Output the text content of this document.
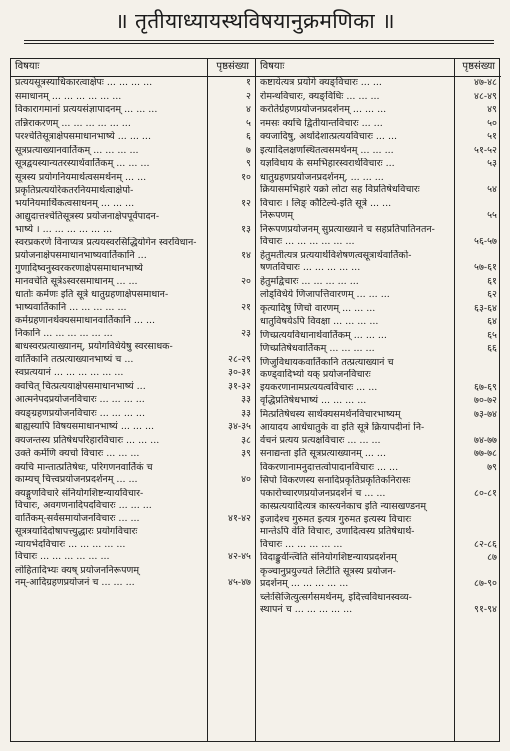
॥ तृतीयाध्यायस्थविषयानुक्रमणिका ॥
विषयाः	पृष्ठसंख्या
प्रत्ययसूत्रस्याधिकारत्वाक्षेपः ... ... ... ...	१
समाधानम् ... ... ... ... ... ...	२
विकारागमानां प्रत्ययसंज्ञापादनम् ... ... ...	४
तन्निराकरणम् ... ... ... ... ... ...	५
परश्चेतिसूत्राक्षेपसमाधानभाष्ये ... ... ...	६
सूत्रप्रत्याख्यानवार्तिकम् ... ... ... ...	७
सूत्रद्वयस्यान्यतरस्यार्थवार्तिकम् ... ... ...	९
सूत्रस्य प्रयोगनियमार्थत्वसमर्थनम् ... ...	१०
प्रकृतिप्रत्ययोरेकतरनियमार्थत्वाक्षेपो-
भयनियमार्थिकत्वसाधनम् ... ... ...	१२
आद्युदात्तश्चेतिसूत्रस्य प्रयोजनाक्षेपपूर्वपादन-
भाष्ये । ... ... ... ... ... ...	१३
स्वरप्रकरणे विनाप्यत्र प्रत्ययस्वरसिद्धियोगेन स्वरविधान-
प्रयोजनाक्षेपसमाधानभाष्यवार्तिकानि ...	१४
गुणादिष्वनुस्वरकरणाक्षेपसमाधानभाष्ये
मानवचेति सूत्रेऽस्वरसमाधानम् ... ...	२०
धातोः कर्मणः इति सूत्रे धातुग्रहणाक्षेपसमाधान-
भाष्यवार्तिकानि ... ... ... ... ...	२१
कर्मग्रहणानर्थक्यसमाधानवार्तिकानि ... ...
निकानि ... ... ... ... ... ...	२३
बाधस्वरप्रत्याख्यानम्, प्रयोगविधेयेषु स्वरसाधक-
वार्तिकानि तत्प्रत्याख्यानभाष्यं च ...	२८-२९
स्वप्रत्ययानं ... ... ... ... ... ...	३०-३१
क्वचित् चित्प्रत्ययाक्षेपसमाधानभाष्यं ...	३१-३२
आत्मनेपदप्रयोजनविचारः ... ... ... ...	३३
क्यङ्ग्रहणप्रयोजनविचारः ... ... ... ...	३३
बाह्यस्यापि विषयसमाधानभाष्यं ... ... ...	३४-३५
क्यजन्तस्य प्रतिषेधपरिहारविचारः ... ... ...	३८
उक्ते कर्मणि क्यचो विचारः ... ... ...	३९
क्यचि मान्तात्प्रतिषेधः, परिगणनवार्तिकं च
काम्यच् चित्त्वप्रयोजनप्रदर्शनम् ... ...	४०
क्यङ्गुणविचारे संनियोगशिष्टन्यायविचार-
विचारः, अवगणनादिपदविचारः ... ... ...
वार्तिकम्-सर्वसमायोजनविचारः ... ...	४१-४२
सूत्रत्रयादिदोषापत्त्युद्धारः प्रयोगविचारः
न्यायभेदविचारः ... ... ... ... ...
विचारः ... ... ... ... ... ...	४२-४५
लोहितादिभ्यः क्यष् प्रयोजननिरूपणम्
नम्-आदिग्रहणप्रयोजनं च ... ... ...	४५-४७
विषयाः	पृष्ठसंख्या
कष्टायेत्यत्र प्रयोगे क्यङ्विचारः ... ...	४७-४८
रोमन्थविचारः, क्यङ्विधिः ... ... ...	४८-४९
करोतेर्ग्रहणप्रयोजनप्रदर्शनम् ... ... ...	४९
नमसः क्यचि द्वितीयान्तविचारः ... ...	५०
क्यजादिषु, अर्थादेशात्प्रत्ययविचारः ... ...	५१
इत्यादिलक्षणस्थितत्वसमर्थनम् ... ... ...	५१-५२
यज्ञविधाय के समभिहारस्वरार्थविचारः ...	५३
धातुग्रहणप्रयोजनप्रदर्शनम्, ... ... ...
क्रियासमभिहारे यक्रो लोटा सह विप्रतिषेधविचारः	५४
विचारः । लिङ् कौटिल्ये-इति सूत्रे ... ...
निरूपणम्	५५
निरूपणप्रयोजनम् सुप्रत्याख्याने च सहप्रतिपातिनतन-
विचारः ... ... ... ... ... ...	५६-५७
हेतुमतीत्यत्र प्रत्ययार्थविशेषणत्वसूत्रार्थवार्तिको-
षणतविचारः ... ... ... ... ...	५७-६१
हेतुमद्विचारः ... ... ... ... ...	६१
लोड्विधेये णिजापत्तिवारणम् ... ... ...	६२
कृत्यादिषु णिचो वारणम् ... ... ...	६३-६४
धातुविषयेऽपि विवक्षा ... ... ... ...	६४
णिच्प्रत्ययविधानार्थवार्तिकम् ... ... ...	६५
णिच्प्रतिषेधवार्तिकम् ... ... ... ...	६६
णिजुविधायकवार्तिकानि तत्प्रत्याख्यानं च
कण्ड्वादिभ्यो यक् प्रयोजनविचारः
इयकरणानामप्रत्ययत्वविचारः ... ...	६७-६९
वृद्धिप्रतिषेधभाष्यं ... ... ... ...	७०-७२
मित्प्रतिषेधस्य सार्थक्यसमर्थनविचारभाष्यम्	७३-७४
आयादय आर्धधातुके वा इति सूत्रे क्रियापदीनां नि-
र्वचनं प्रत्यय प्रत्यक्षविचारः ... ... ...	७४-७७
सनाद्यन्ता इति सूत्रप्रत्याख्यानम् ... ...	७७-७८
विकरणानामनुदात्तत्वोपादानविचारः ... ...	७९
सिपो विकरणस्य सनादिप्रकृतिप्रकृतिकनिरासः
पकारोच्चारणप्रयोजनप्रदर्शनं च ... ...	८०-८१
कास्प्रत्ययादित्यत्र कास्त्यनेकाच इति न्यासखण्डनम्
इजादेश्च गुरुमत इत्यत्र गुरुमत इत्यस्य विचारः
मान्तेऽपि वेति विचारः, उणादित्वस्य प्रतिषेधार्थ-
विचारः ... ... ... ... ...	८२-८६
विदाङ्कुर्वन्त्विति संनियोगशिष्टन्यायप्रदर्शनम्	८७
कृञ्चानुप्रयुज्यते लिटीति सूत्रस्य प्रयोजन-
प्रदर्शनम् ... ... ... ... ...	८७-९०
च्लेःसिजित्युत्सर्गसमर्थनम्, इदित्त्वविधानस्वव्य-
स्थापनं च ... ... ... ... ...	९१-९४
